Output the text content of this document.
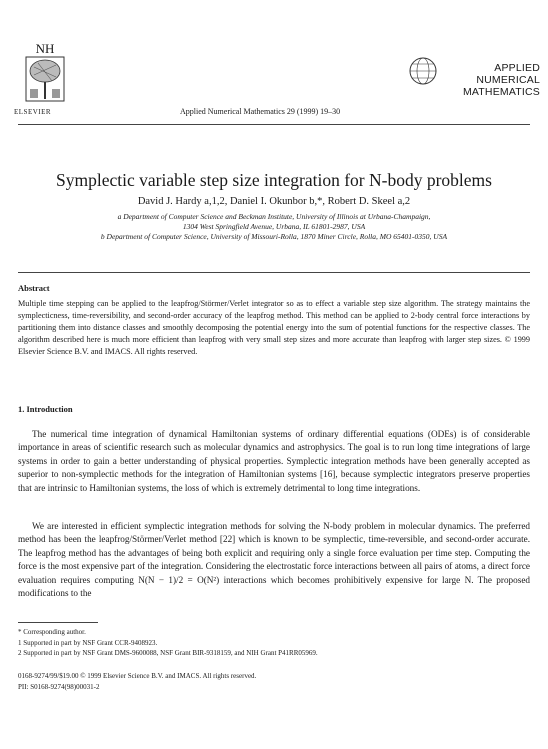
NH
ELSEVIER	Applied Numerical Mathematics 29 (1999) 19–30
APPLIED
NUMERICAL
MATHEMATICS
Symplectic variable step size integration for N-body problems
David J. Hardy a,1,2, Daniel I. Okunbor b,*, Robert D. Skeel a,2
a Department of Computer Science and Beckman Institute, University of Illinois at Urbana-Champaign,
1304 West Springfield Avenue, Urbana, IL 61801-2987, USA
b Department of Computer Science, University of Missouri-Rolla, 1870 Miner Circle, Rolla, MO 65401-0350, USA
Abstract
Multiple time stepping can be applied to the leapfrog/Störmer/Verlet integrator so as to effect a variable step size algorithm. The strategy maintains the symplecticness, time-reversibility, and second-order accuracy of the leapfrog method. This method can be applied to 2-body central force interactions by partitioning them into distance classes and smoothly decomposing the potential energy into the sum of potential functions for the respective classes. The algorithm described here is much more efficient than leapfrog with very small step sizes and more accurate than leapfrog with larger step sizes. © 1999 Elsevier Science B.V. and IMACS. All rights reserved.
1. Introduction
The numerical time integration of dynamical Hamiltonian systems of ordinary differential equations (ODEs) is of considerable importance in areas of scientific research such as molecular dynamics and astrophysics. The goal is to run long time integrations of large systems in order to gain a better understanding of physical properties. Symplectic integration methods have been generally accepted as superior to non-symplectic methods for the integration of Hamiltonian systems [16], because symplectic integrators preserve properties that are intrinsic to Hamiltonian systems, the loss of which is extremely detrimental to long time integrations.
We are interested in efficient symplectic integration methods for solving the N-body problem in molecular dynamics. The preferred method has been the leapfrog/Störmer/Verlet method [22] which is known to be symplectic, time-reversible, and second-order accurate. The leapfrog method has the advantages of being both explicit and requiring only a single force evaluation per time step. Computing the force is the most expensive part of the integration. Considering the electrostatic force interactions between all pairs of atoms, a direct force evaluation requires computing N(N − 1)/2 = O(N²) interactions which becomes prohibitively expensive for large N. The proposed modifications to the
* Corresponding author.
1 Supported in part by NSF Grant CCR-9408923.
2 Supported in part by NSF Grant DMS-9600088, NSF Grant BIR-9318159, and NIH Grant P41RR05969.
0168-9274/99/$19.00 © 1999 Elsevier Science B.V. and IMACS. All rights reserved.
PII: S0168-9274(98)00031-2
